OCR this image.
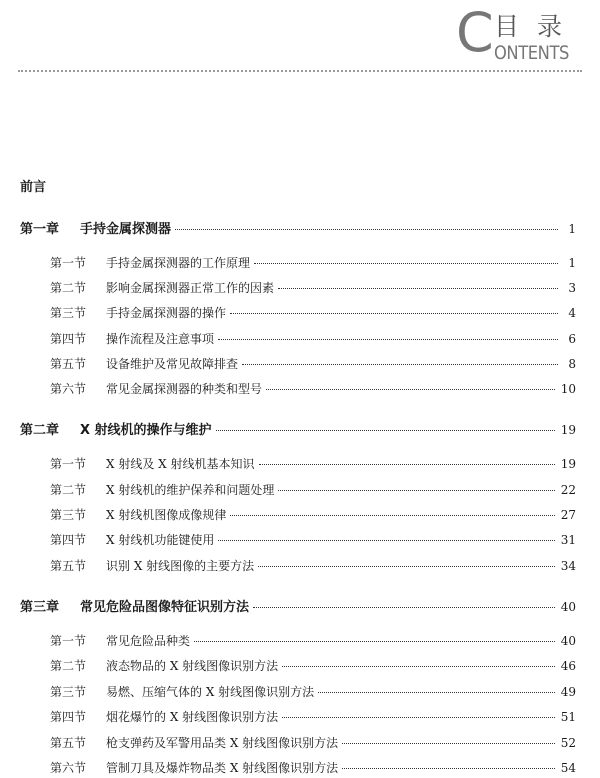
C 目录
ONTENTS
前言
第一章	手持金属探测器	1
第一节	手持金属探测器的工作原理	1
第二节	影响金属探测器正常工作的因素	3
第三节	手持金属探测器的操作	4
第四节	操作流程及注意事项	6
第五节	设备维护及常见故障排查	8
第六节	常见金属探测器的种类和型号	10
第二章	X 射线机的操作与维护	19
第一节	X 射线及 X 射线机基本知识	19
第二节	X 射线机的维护保养和问题处理	22
第三节	X 射线机图像成像规律	27
第四节	X 射线机功能键使用	31
第五节	识别 X 射线图像的主要方法	34
第三章	常见危险品图像特征识别方法	40
第一节	常见危险品种类	40
第二节	液态物品的 X 射线图像识别方法	46
第三节	易燃、压缩气体的 X 射线图像识别方法	49
第四节	烟花爆竹的 X 射线图像识别方法	51
第五节	枪支弹药及军警用品类 X 射线图像识别方法	52
第六节	管制刀具及爆炸物品类 X 射线图像识别方法	54
